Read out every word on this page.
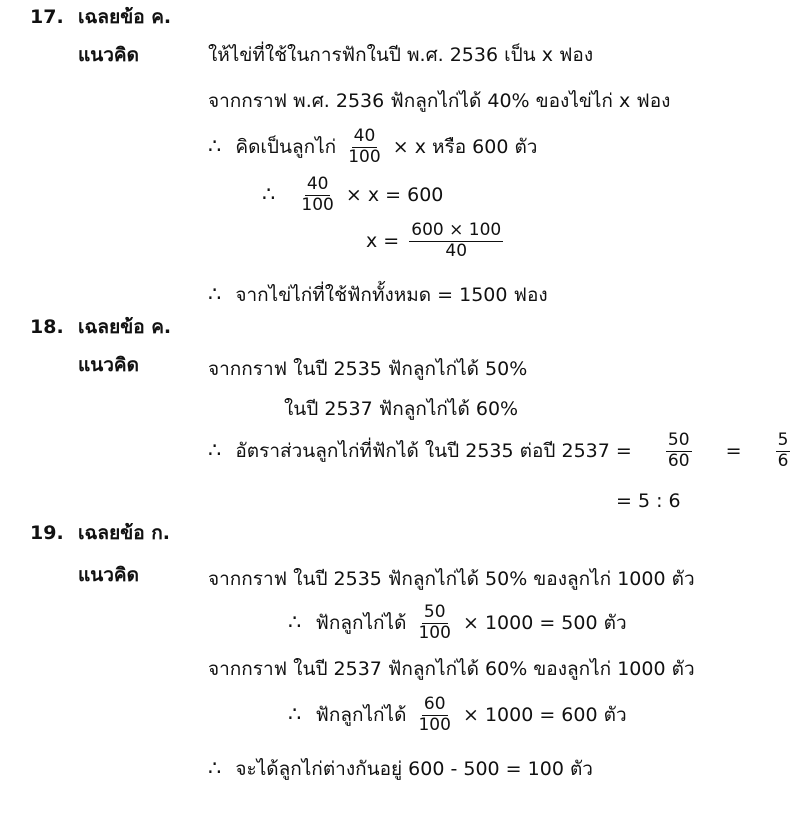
17. เฉลยข้อ ค.
แนวคิด	ให้ไข่ที่ใช้ในการฟักในปี พ.ศ. 2536 เป็น x ฟอง
จากกราฟ พ.ศ. 2536 ฟักลูกไก่ได้ 40% ของไข่ไก่ x ฟอง
∴ คิดเป็นลูกไก่ $\frac{40}{100} \times x$ หรือ 600 ตัว
∴ $\frac{40}{100} \times x = 600$
$x = \frac{600 \times 100}{40}$
∴ จากไข่ไก่ที่ใช้ฟักทั้งหมด = 1500 ฟอง
18. เฉลยข้อ ค.
แนวคิด	จากกราฟ ในปี 2535 ฟักลูกไก่ได้ 50%
ในปี 2537 ฟักลูกไก่ได้ 60%
∴ อัตราส่วนลูกไก่ที่ฟักได้ ในปี 2535 ต่อปี $2537 = \frac{50}{60} = \frac{5}{6}$
= 5 : 6
19. เฉลยข้อ ก.
แนวคิด	จากกราฟ ในปี 2535 ฟักลูกไก่ได้ 50% ของลูกไก่ 1000 ตัว
∴ ฟักลูกไก่ได้ $\frac{50}{100} \times 1000 = 500$ ตัว
จากกราฟ ในปี 2537 ฟักลูกไก่ได้ 60% ของลูกไก่ 1000 ตัว
∴ ฟักลูกไก่ได้ $\frac{60}{100} \times 1000 = 600$ ตัว
∴ จะได้ลูกไก่ต่างกันอยู่ 600 - 500 = 100 ตัว
